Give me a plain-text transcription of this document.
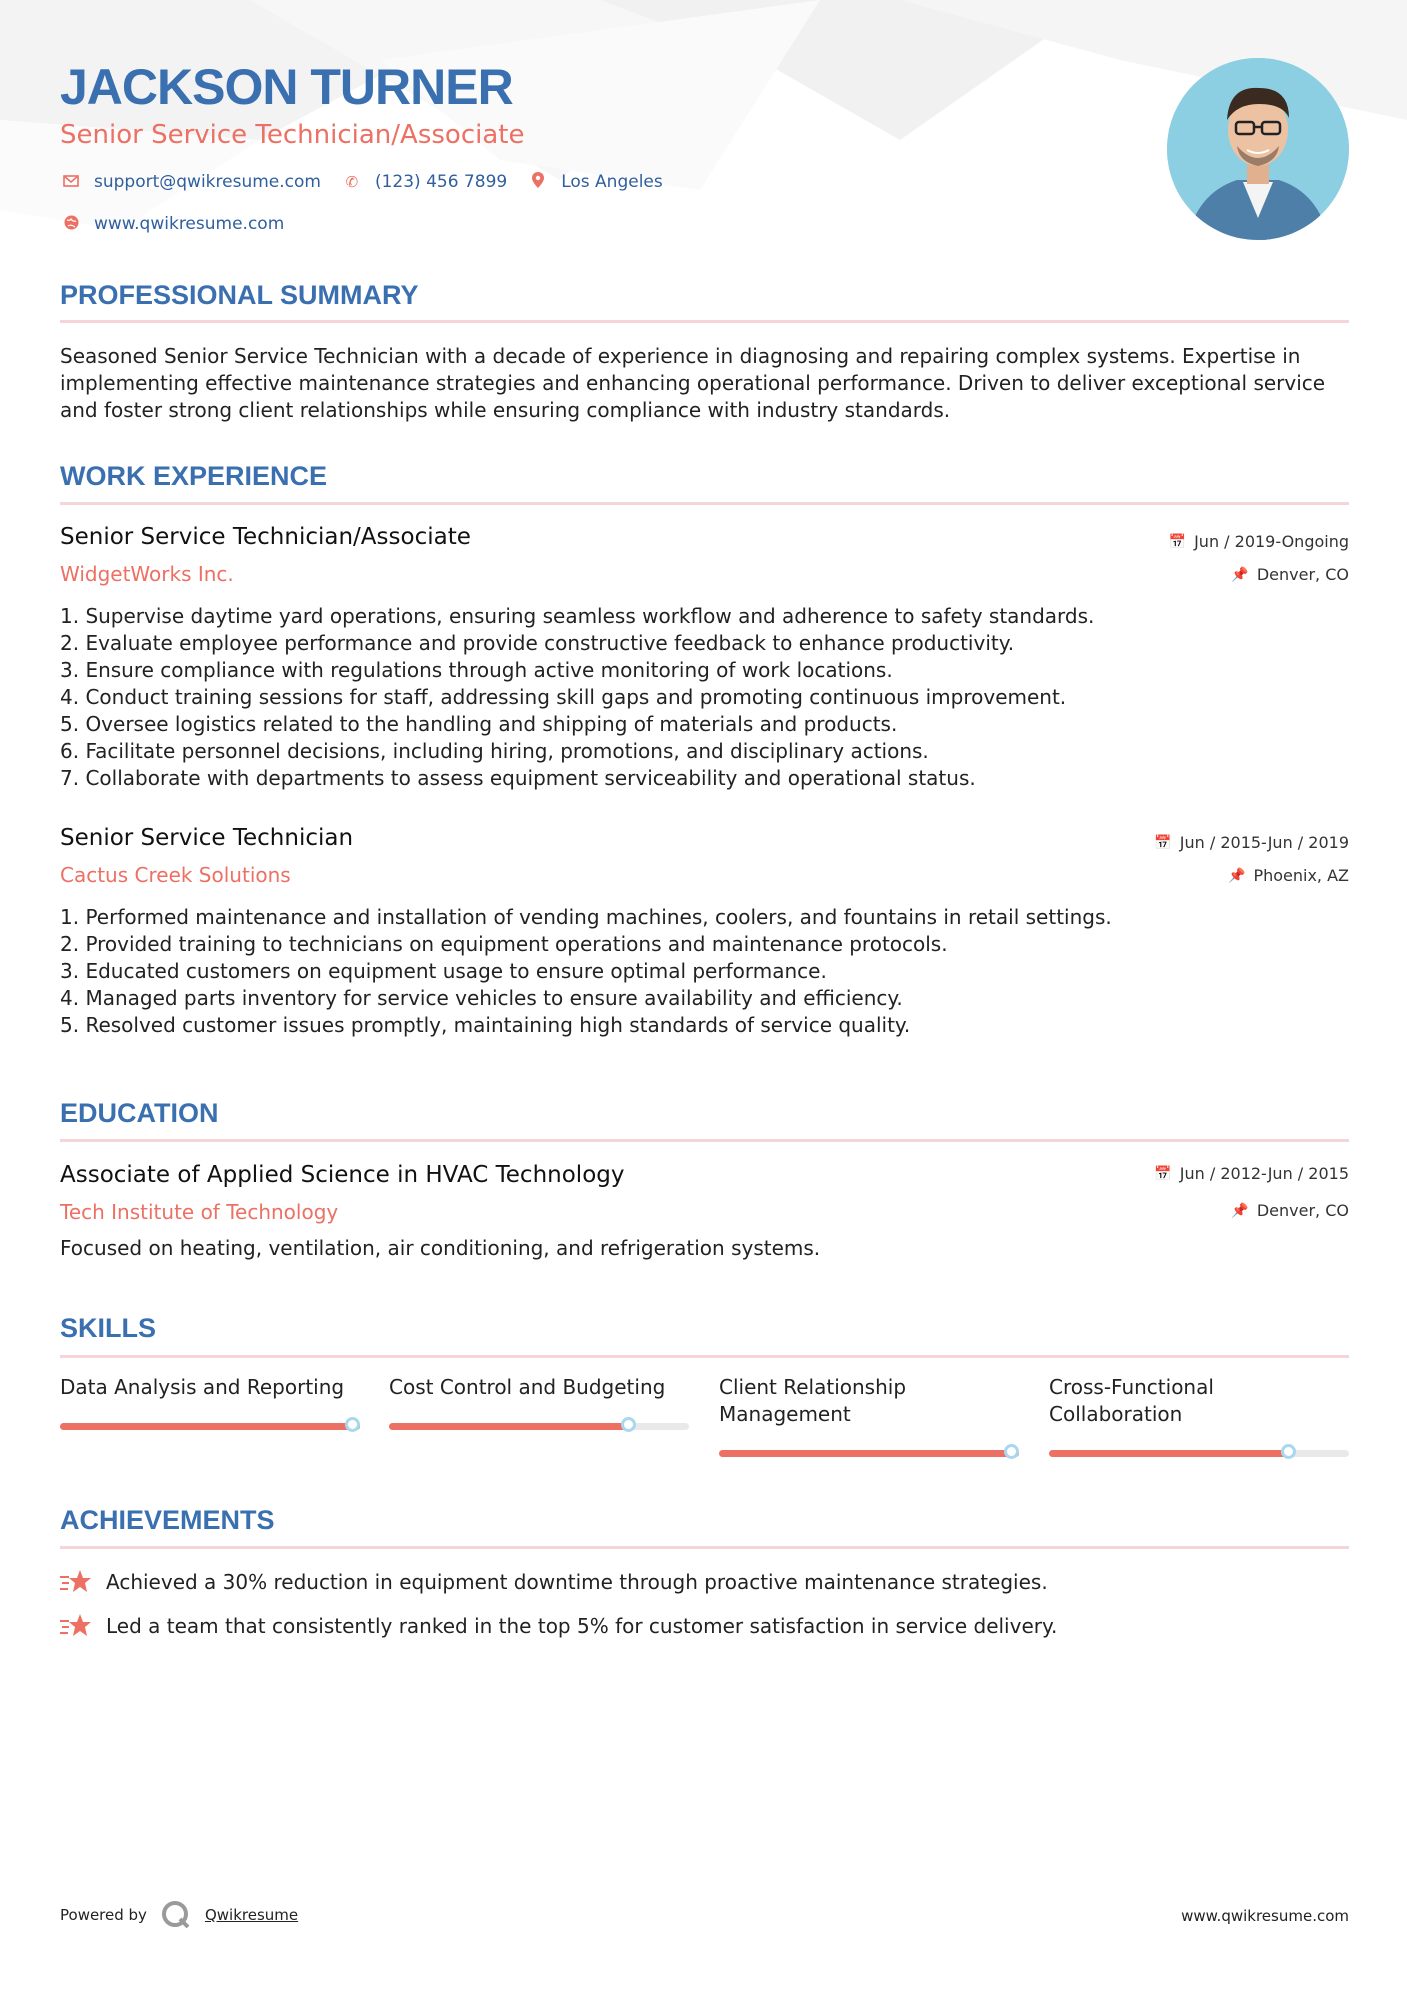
JACKSON TURNER

Senior Service Technician/Associate

support@qwikresume.com	✆ (123) 456 7899	Los Angeles
www.qwikresume.com
PROFESSIONAL SUMMARY

Seasoned Senior Service Technician with a decade of experience in diagnosing and repairing complex systems. Expertise in implementing effective maintenance strategies and enhancing operational performance. Driven to deliver exceptional service and foster strong client relationships while ensuring compliance with industry standards.

WORK EXPERIENCE

Senior Service Technician/Associate

WidgetWorks Inc.

📅 Jun / 2019-Ongoing
📌 Denver, CO
1. Supervise daytime yard operations, ensuring seamless workflow and adherence to safety standards.
2. Evaluate employee performance and provide constructive feedback to enhance productivity.
3. Ensure compliance with regulations through active monitoring of work locations.
4. Conduct training sessions for staff, addressing skill gaps and promoting continuous improvement.
5. Oversee logistics related to the handling and shipping of materials and products.
6. Facilitate personnel decisions, including hiring, promotions, and disciplinary actions.
7. Collaborate with departments to assess equipment serviceability and operational status.

Senior Service Technician

Cactus Creek Solutions

📅 Jun / 2015-Jun / 2019
📌 Phoenix, AZ
1. Performed maintenance and installation of vending machines, coolers, and fountains in retail settings.
2. Provided training to technicians on equipment operations and maintenance protocols.
3. Educated customers on equipment usage to ensure optimal performance.
4. Managed parts inventory for service vehicles to ensure availability and efficiency.
5. Resolved customer issues promptly, maintaining high standards of service quality.
EDUCATION

Associate of Applied Science in HVAC Technology

Tech Institute of Technology

📅 Jun / 2012-Jun / 2015
📌 Denver, CO

Focused on heating, ventilation, air conditioning, and refrigeration systems.

SKILLS

Data Analysis and Reporting	Cost Control and Budgeting	Client Relationship Management

Cross-Functional Collaboration

ACHIEVEMENTS
Achieved a 30% reduction in equipment downtime through proactive maintenance strategies.
Led a team that consistently ranked in the top 5% for customer satisfaction in service delivery.
Powered by	Qwikresume	www.qwikresume.com
